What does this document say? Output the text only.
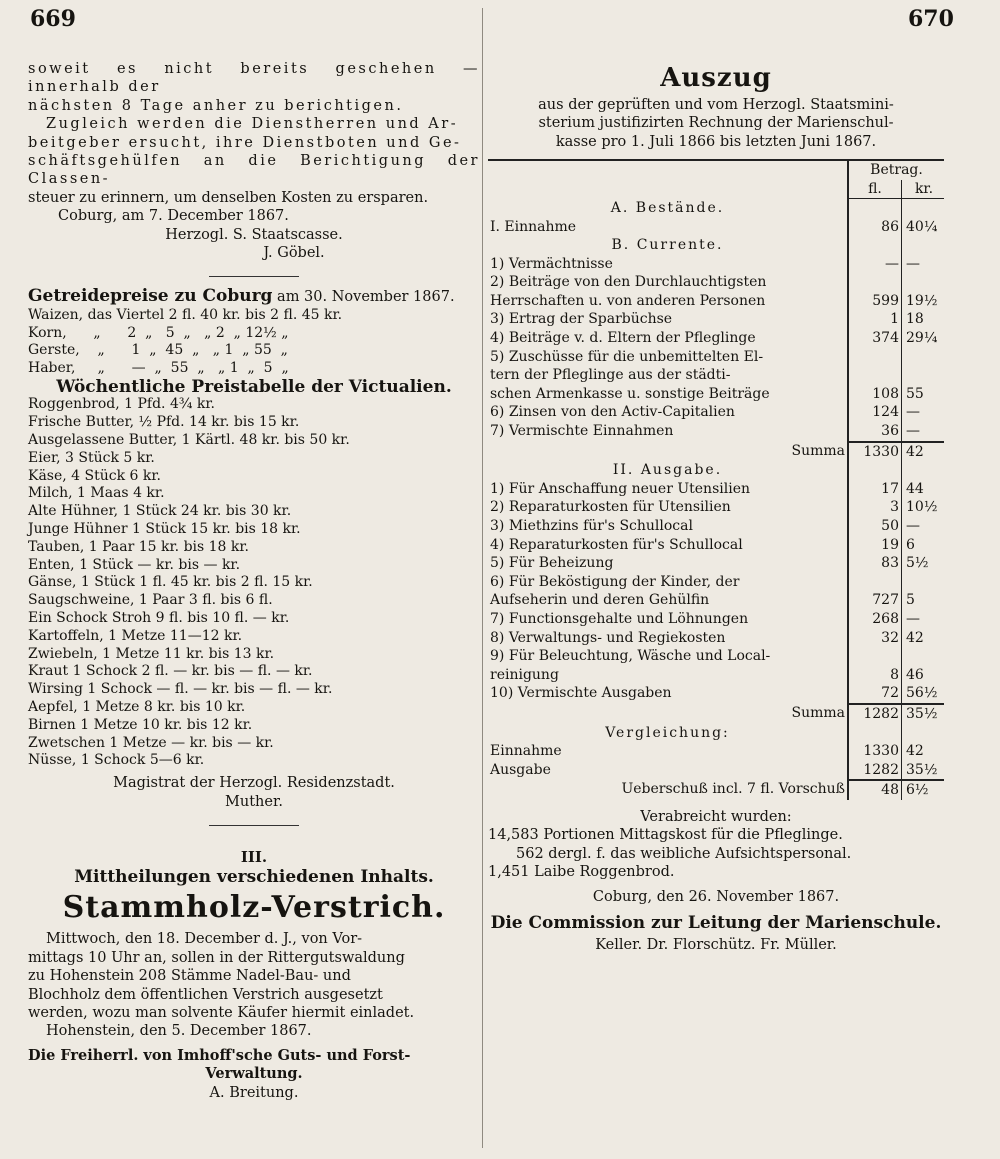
669	670

soweit es nicht bereits geschehen — innerhalb der

nächsten 8 Tage anher zu berichtigen.

Zugleich werden die Dienstherren und Ar-

beitgeber ersucht, ihre Dienstboten und Ge-

schäftsgehülfen an die Berichtigung der Classen-

steuer zu erinnern, um denselben Kosten zu ersparen.

Coburg, am 7. December 1867.

Herzogl. S. Staatscasse.

J. Göbel.

Getreidepreise zu Coburg am 30. November 1867.

Waizen, das Viertel 2 fl. 40 kr. bis 2 fl. 45 kr.

Korn,      „      2  „   5  „   „ 2  „ 12½ „

Gerste,    „      1  „  45  „   „ 1  „ 55  „

Haber,     „      —  „  55  „   „ 1  „  5  „

Wöchentliche Preistabelle der Victualien.

Roggenbrod, 1 Pfd. 4¾ kr.

Frische Butter, ½ Pfd. 14 kr. bis 15 kr.

Ausgelassene Butter, 1 Kärtl. 48 kr. bis 50 kr.

Eier, 3 Stück 5 kr.

Käse, 4 Stück 6 kr.

Milch, 1 Maas 4 kr.

Alte Hühner, 1 Stück 24 kr. bis 30 kr.

Junge Hühner 1 Stück 15 kr. bis 18 kr.

Tauben, 1 Paar 15 kr. bis 18 kr.

Enten, 1 Stück — kr. bis — kr.

Gänse, 1 Stück 1 fl. 45 kr. bis 2 fl. 15 kr.

Saugschweine, 1 Paar 3 fl. bis 6 fl.

Ein Schock Stroh 9 fl. bis 10 fl. — kr.

Kartoffeln, 1 Metze 11—12 kr.

Zwiebeln, 1 Metze 11 kr. bis 13 kr.

Kraut 1 Schock 2 fl. — kr. bis — fl. — kr.

Wirsing 1 Schock — fl. — kr. bis — fl. — kr.

Aepfel, 1 Metze 8 kr. bis 10 kr.

Birnen 1 Metze 10 kr. bis 12 kr.

Zwetschen 1 Metze — kr. bis — kr.

Nüsse, 1 Schock 5—6 kr.

Magistrat der Herzogl. Residenzstadt.

Muther.

III.

Mittheilungen verschiedenen Inhalts.

Stammholz-Verstrich.

Mittwoch, den 18. December d. J., von Vor-

mittags 10 Uhr an, sollen in der Rittergutswaldung

zu Hohenstein 208 Stämme Nadel-Bau- und

Blochholz dem öffentlichen Verstrich ausgesetzt

werden, wozu man solvente Käufer hiermit einladet.

Hohenstein, den 5. December 1867.

Die Freiherrl. von Imhoff'sche Guts- und Forst-

Verwaltung.

A. Breitung.

Auszug

aus der geprüften und vom Herzogl. Staatsmini-

sterium justifizirten Rechnung der Marienschul-

kasse pro 1. Juli 1866 bis letzten Juni 1867.

	Betrag.	
	fl.	kr.
A. Bestände.		
I. Einnahme	86	40¼
B. Currente.		
1) Vermächtnisse	—	—
2) Beiträge von den Durchlauchtigsten		
Herrschaften u. von anderen Personen	599	19½
3) Ertrag der Sparbüchse	1	18
4) Beiträge v. d. Eltern der Pfleglinge	374	29¼
5) Zuschüsse für die unbemittelten El-		
tern der Pfleglinge aus der städti-		
schen Armenkasse u. sonstige Beiträge	108	55
6) Zinsen von den Activ-Capitalien	124	—
7) Vermischte Einnahmen	36	—
Summa	1330	42
II. Ausgabe.		
1) Für Anschaffung neuer Utensilien	17	44
2) Reparaturkosten für Utensilien	3	10½
3) Miethzins für's Schullocal	50	—
4) Reparaturkosten für's Schullocal	19	6
5) Für Beheizung	83	5½
6) Für Beköstigung der Kinder, der		
Aufseherin und deren Gehülfin	727	5
7) Functionsgehalte und Löhnungen	268	—
8) Verwaltungs- und Regiekosten	32	42
9) Für Beleuchtung, Wäsche und Local-		
reinigung	8	46
10) Vermischte Ausgaben	72	56½
Summa	1282	35½
Vergleichung:		
Einnahme	1330	42
Ausgabe	1282	35½
Ueberschuß incl. 7 fl. Vorschuß	48	6½

Verabreicht wurden:

14,583 Portionen Mittagskost für die Pfleglinge.

562 dergl. f. das weibliche Aufsichtspersonal.

1,451 Laibe Roggenbrod.

Coburg, den 26. November 1867.

Die Commission zur Leitung der Marienschule.

Keller. Dr. Florschütz. Fr. Müller.
